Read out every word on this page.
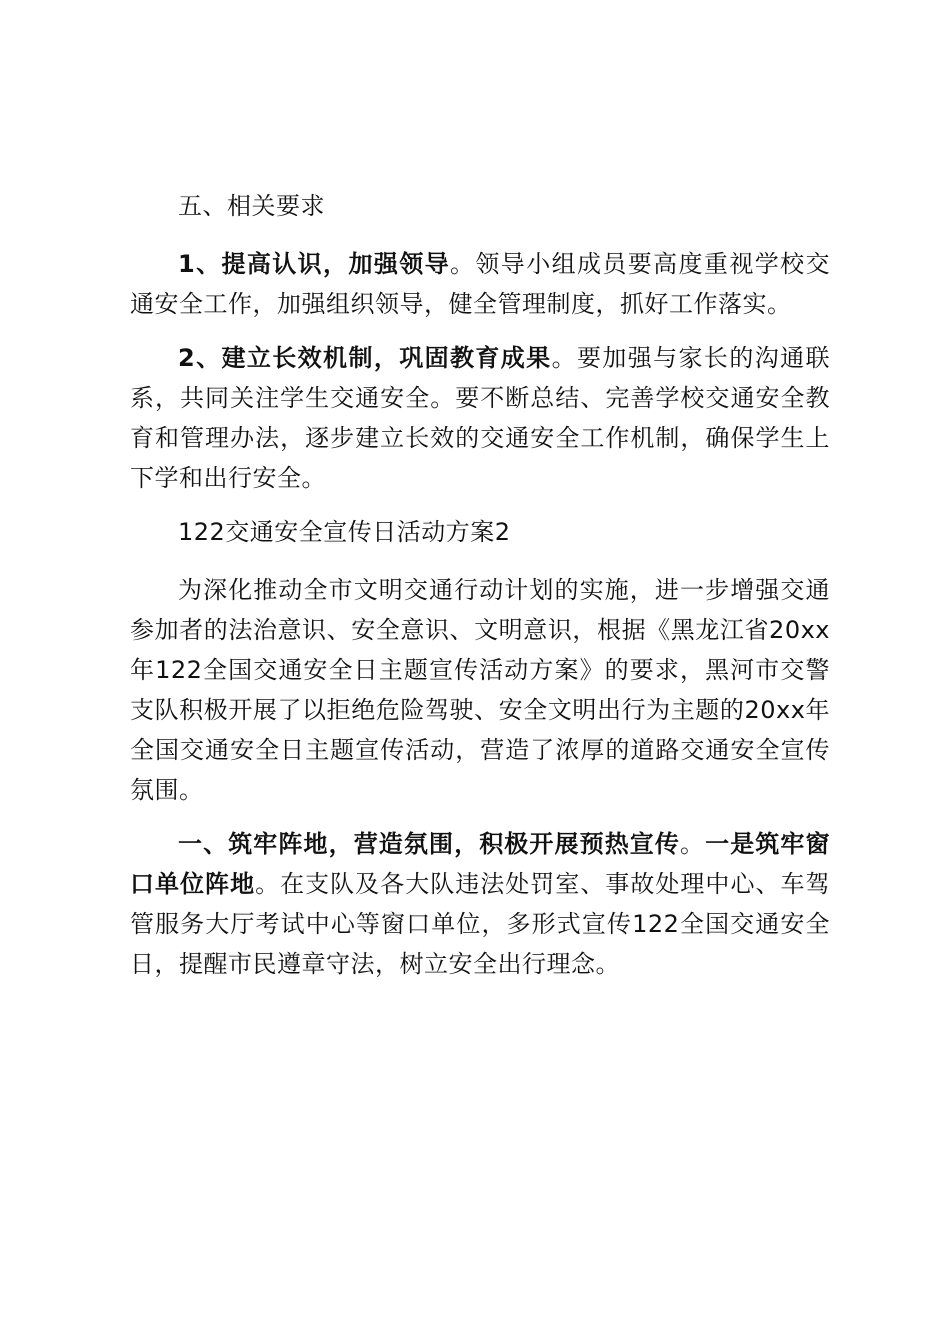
五、相关要求

1、提高认识，加强领导。领导小组成员要高度重视学校交通安全工作，加强组织领导，健全管理制度，抓好工作落实。

2、建立长效机制，巩固教育成果。要加强与家长的沟通联系，共同关注学生交通安全。要不断总结、完善学校交通安全教育和管理办法，逐步建立长效的交通安全工作机制，确保学生上下学和出行安全。

122交通安全宣传日活动方案2

为深化推动全市文明交通行动计划的实施，进一步增强交通参加者的法治意识、安全意识、文明意识，根据《黑龙江省20xx年122全国交通安全日主题宣传活动方案》的要求，黑河市交警支队积极开展了以拒绝危险驾驶、安全文明出行为主题的20xx年全国交通安全日主题宣传活动，营造了浓厚的道路交通安全宣传氛围。

一、筑牢阵地，营造氛围，积极开展预热宣传。一是筑牢窗口单位阵地。在支队及各大队违法处罚室、事故处理中心、车驾管服务大厅考试中心等窗口单位，多形式宣传122全国交通安全日，提醒市民遵章守法，树立安全出行理念。
